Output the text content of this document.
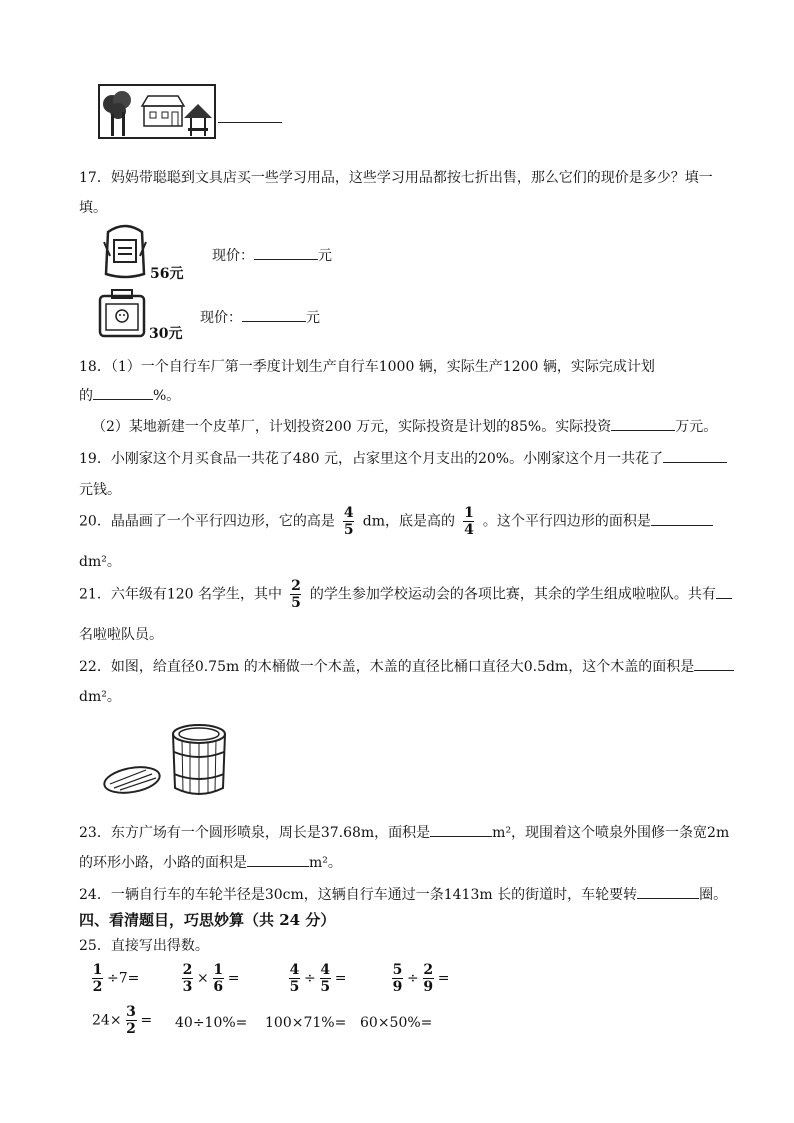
17．妈妈带聪聪到文具店买一些学习用品，这些学习用品都按七折出售，那么它们的现价是多少？填一
填。
56元
现价：	元
30元
现价：	元
18．（1）一个自行车厂第一季度计划生产自行车1000 辆，实际生产1200 辆，实际完成计划
的	%。
（2）某地新建一个皮革厂，计划投资200 万元，实际投资是计划的85%。实际投资	万元。
19．小刚家这个月买食品一共花了480 元，占家里这个月支出的20%。小刚家这个月一共花了
元钱。
20．晶晶画了一个平行四边形，它的高是 $\frac{4}{5}$ dm，底是高的 $\frac{1}{4}$ 。这个平行四边形的面积是
dm²。
21．六年级有120 名学生，其中 $\frac{2}{5}$ 的学生参加学校运动会的各项比赛，其余的学生组成啦啦队。共有
名啦啦队员。
22．如图，给直径0.75m 的木桶做一个木盖，木盖的直径比桶口直径大0.5dm，这个木盖的面积是
dm²。
23．东方广场有一个圆形喷泉，周长是37.68m，面积是	m²，现围着这个喷泉外围修一条宽2m
的环形小路，小路的面积是	m²。
24．一辆自行车的车轮半径是30cm，这辆自行车通过一条1413m 长的街道时，车轮要转	圈。
四、看清题目，巧思妙算（共 24 分）
25．直接写出得数。
$\frac{1}{2} \div 7=$	$\frac{2}{3} \times \frac{1}{6}$ =	$\frac{4}{5} \div \frac{4}{5}$ =	$\frac{5}{9} \div \frac{2}{9}$ =
$24\times \frac{3}{2} = 40\div 10\%= 100\times 71\%= 60\times 50\%=$
